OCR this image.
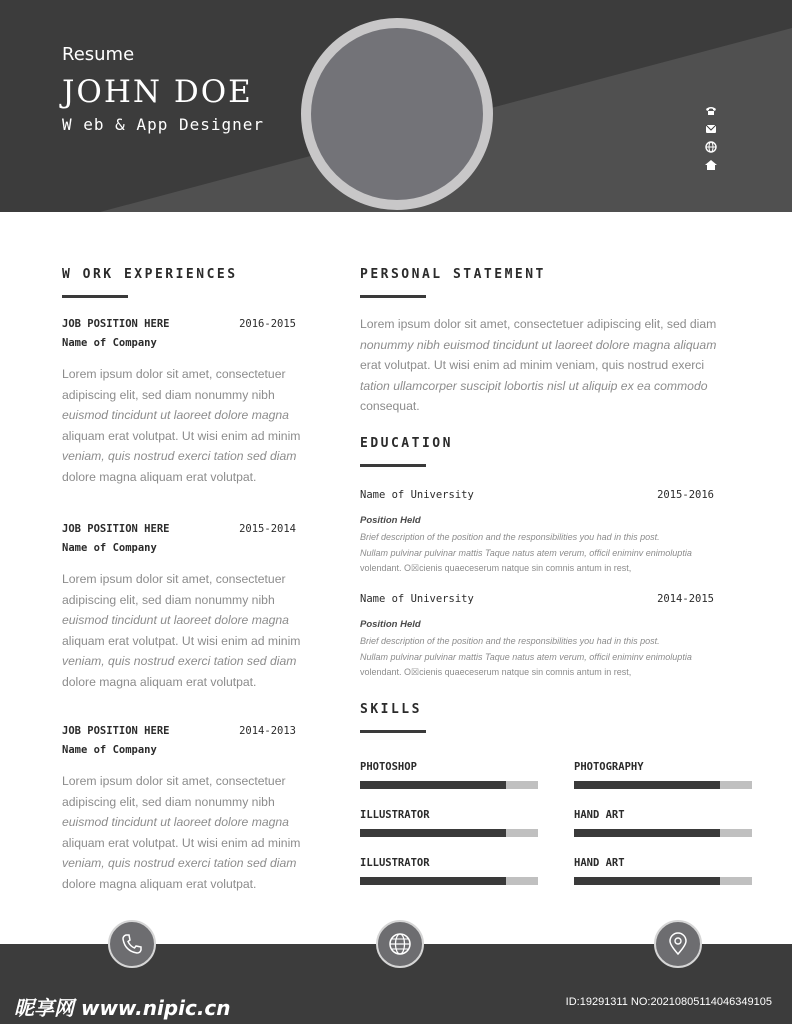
Resume
JOHN DOE
W eb & App Designer
W ORK EXPERIENCES
JOB POSITION HERE	2016-2015
Name of Company
Lorem ipsum dolor sit amet, consectetuer adipiscing elit, sed diam nonummy nibh euismod tincidunt ut laoreet dolore magna aliquam erat volutpat. Ut wisi enim ad minim veniam, quis nostrud exerci tation sed diam dolore magna aliquam erat volutpat.
JOB POSITION HERE	2015-2014
Name of Company
Lorem ipsum dolor sit amet, consectetuer adipiscing elit, sed diam nonummy nibh euismod tincidunt ut laoreet dolore magna aliquam erat volutpat. Ut wisi enim ad minim veniam, quis nostrud exerci tation sed diam dolore magna aliquam erat volutpat.
JOB POSITION HERE	2014-2013
Name of Company
Lorem ipsum dolor sit amet, consectetuer adipiscing elit, sed diam nonummy nibh euismod tincidunt ut laoreet dolore magna aliquam erat volutpat. Ut wisi enim ad minim veniam, quis nostrud exerci tation sed diam dolore magna aliquam erat volutpat.
PERSONAL STATEMENT
Lorem ipsum dolor sit amet, consectetuer adipiscing elit, sed diam nonummy nibh euismod tincidunt ut laoreet dolore magna aliquam erat volutpat. Ut wisi enim ad minim veniam, quis nostrud exerci tation ullamcorper suscipit lobortis nisl ut aliquip ex ea commodo consequat.
EDUCATION
Name of University	2015-2016
Position Held
Brief description of the position and the responsibilities you had in this post.
Nullam pulvinar pulvinar mattis Taque natus atem verum, officil eniminv enimoluptia
volendant. O☒cienis quaeceserum natque sin comnis antum in rest,
Name of University	2014-2015
Position Held
Brief description of the position and the responsibilities you had in this post.
Nullam pulvinar pulvinar mattis Taque natus atem verum, officil eniminv enimoluptia
volendant. O☒cienis quaeceserum natque sin comnis antum in rest,
SKILLS
PHOTOSHOP	PHOTOGRAPHY
ILLUSTRATOR	HAND ART
ILLUSTRATOR	HAND ART
昵享网 www.nipic.cn	ID:19291311 NO:20210805114046349105
